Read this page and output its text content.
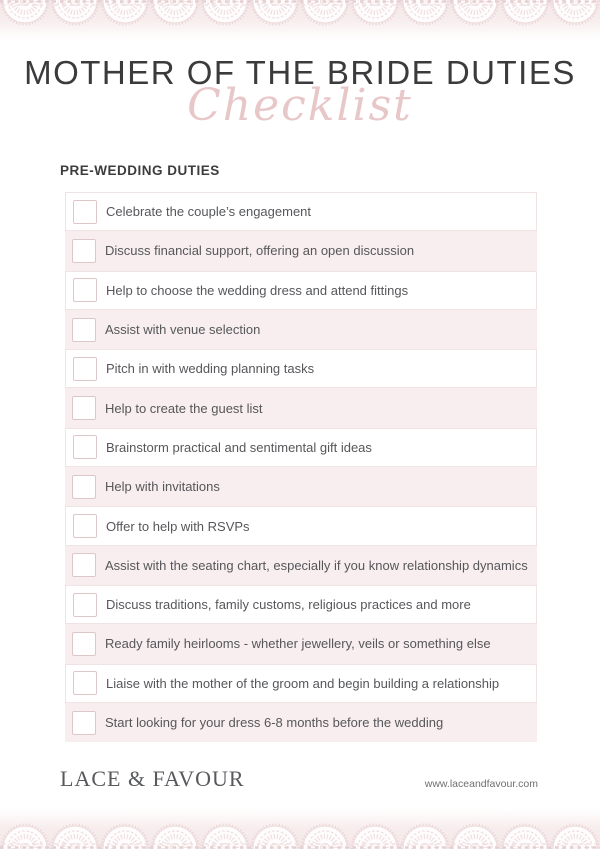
MOTHER OF THE BRIDE DUTIES
Checklist
PRE-WEDDING DUTIES
Celebrate the couple’s engagement
Discuss financial support, offering an open discussion
Help to choose the wedding dress and attend fittings
Assist with venue selection
Pitch in with wedding planning tasks
Help to create the guest list
Brainstorm practical and sentimental gift ideas
Help with invitations
Offer to help with RSVPs
Assist with the seating chart, especially if you know relationship dynamics
Discuss traditions, family customs, religious practices and more
Ready family heirlooms - whether jewellery, veils or something else
Liaise with the mother of the groom and begin building a relationship
Start looking for your dress 6-8 months before the wedding
LACE & FAVOUR	www.laceandfavour.com
